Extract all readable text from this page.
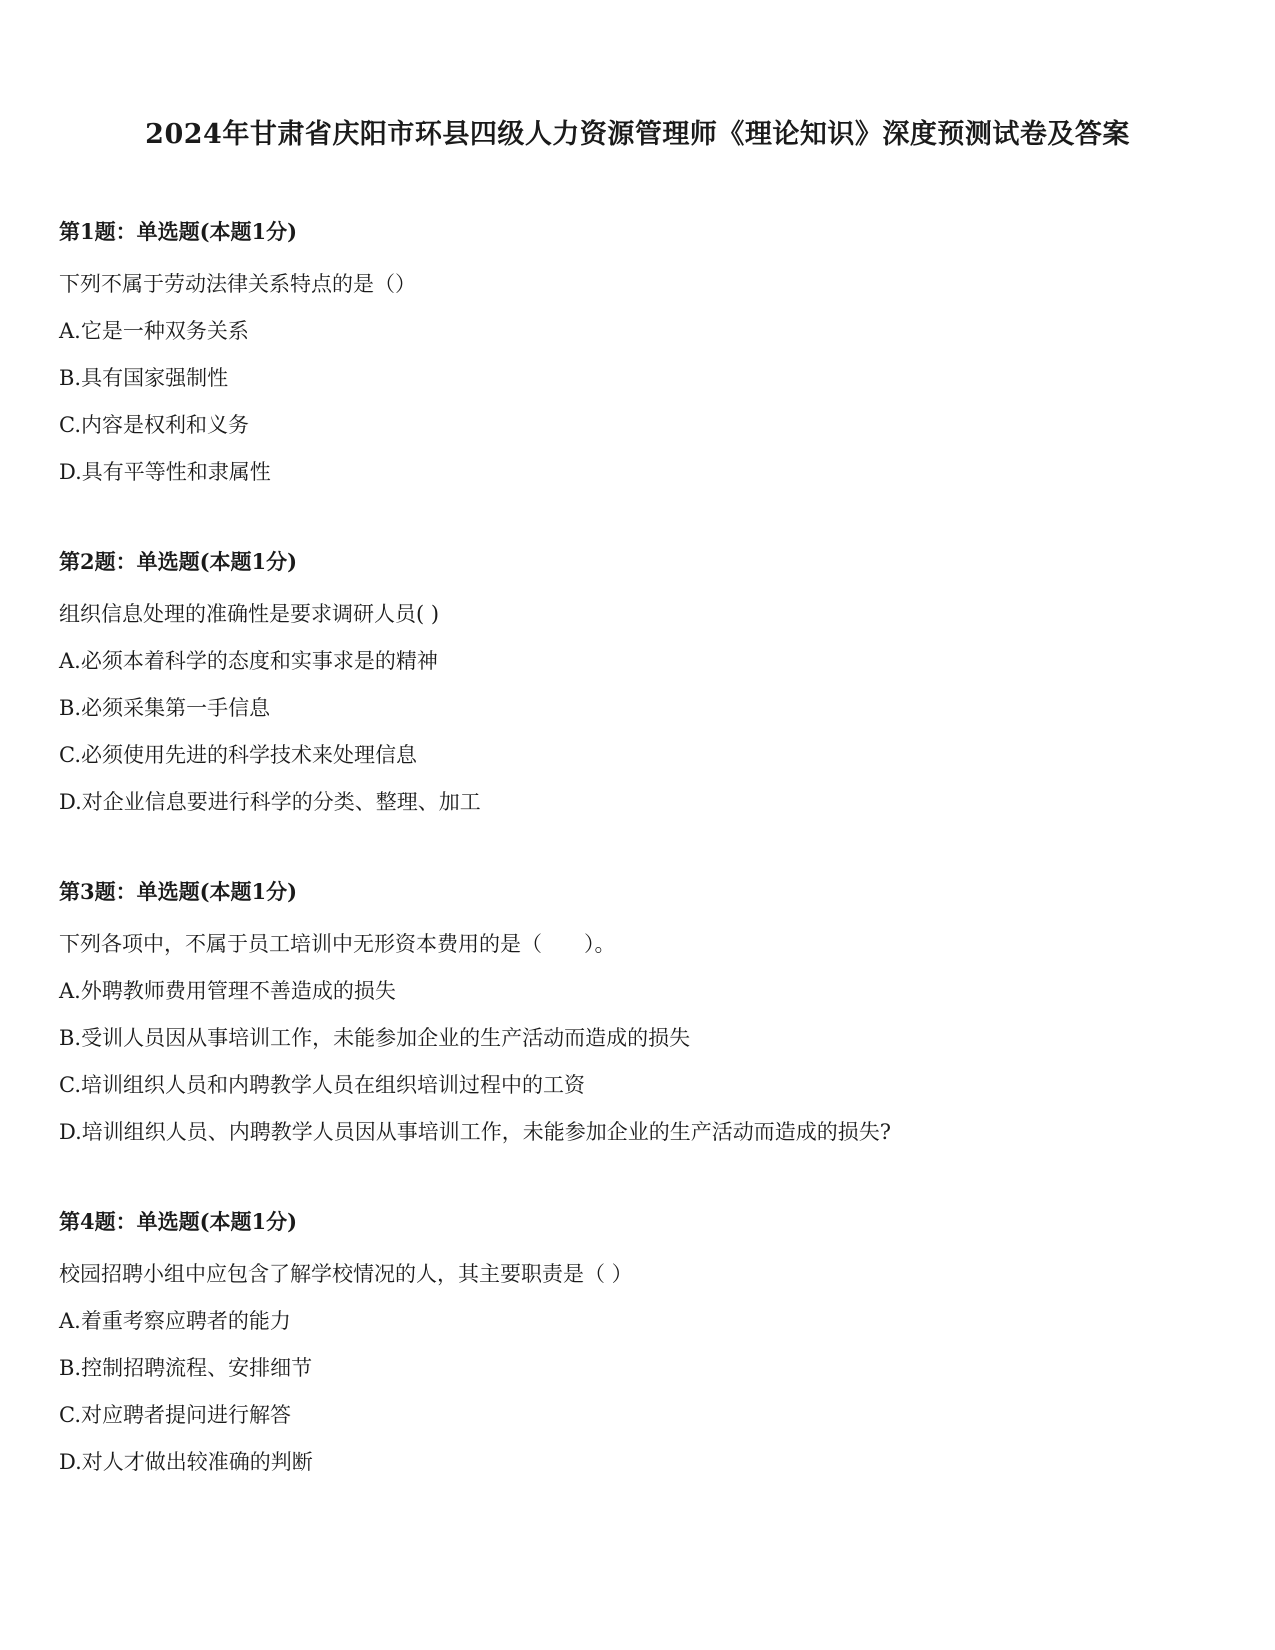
2024年甘肃省庆阳市环县四级人力资源管理师《理论知识》深度预测试卷及答案
第1题：单选题(本题1分)
下列不属于劳动法律关系特点的是（）
A.它是一种双务关系
B.具有国家强制性
C.内容是权利和义务
D.具有平等性和隶属性
第2题：单选题(本题1分)
组织信息处理的准确性是要求调研人员( )
A.必须本着科学的态度和实事求是的精神
B.必须采集第一手信息
C.必须使用先进的科学技术来处理信息
D.对企业信息要进行科学的分类、整理、加工
第3题：单选题(本题1分)
下列各项中，不属于员工培训中无形资本费用的是（　　）。
A.外聘教师费用管理不善造成的损失
B.受训人员因从事培训工作，未能参加企业的生产活动而造成的损失
C.培训组织人员和内聘教学人员在组织培训过程中的工资
D.培训组织人员、内聘教学人员因从事培训工作，未能参加企业的生产活动而造成的损失?
第4题：单选题(本题1分)
校园招聘小组中应包含了解学校情况的人，其主要职责是（ ）
A.着重考察应聘者的能力
B.控制招聘流程、安排细节
C.对应聘者提问进行解答
D.对人才做出较准确的判断
